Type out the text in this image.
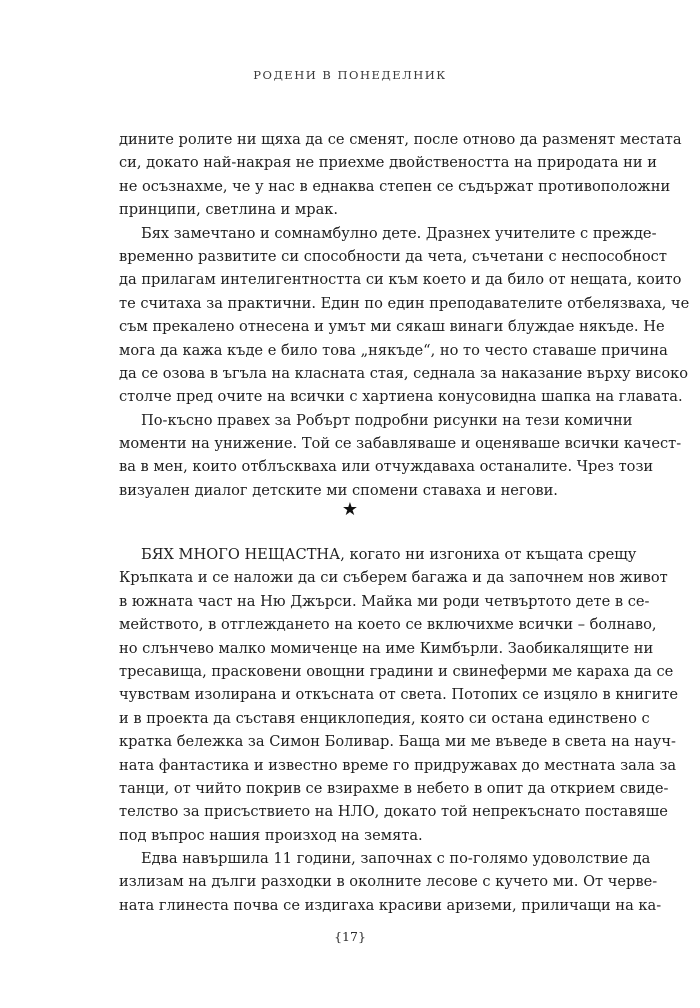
РОДЕНИ В ПОНЕДЕЛНИК
дините ролите ни щяха да се сменят, после отново да разменят местата
си, докато най-накрая не приехме двойствеността на природата ни и
не осъзнахме, че у нас в еднаква степен се съдържат противоположни
принципи, светлина и мрак.
Бях замечтано и сомнамбулно дете. Дразнех учителите с прежде-
временно развитите си способности да чета, съчетани с неспособност
да прилагам интелигентността си към което и да било от нещата, които
те считаха за практични. Един по един преподавателите отбелязваха, че
съм прекалено отнесена и умът ми сякаш винаги блуждае някъде. Не
мога да кажа къде е било това „някъде“, но то често ставаше причина
да се озова в ъгъла на класната стая, седнала за наказание върху високо
столче пред очите на всички с хартиена конусовидна шапка на главата.
По-късно правех за Робърт подробни рисунки на тези комични
моменти на унижение. Той се забавляваше и оценяваше всички качест-
ва в мен, които отблъскваха или отчуждаваха останалите. Чрез този
визуален диалог детските ми спомени ставаха и негови.
★
БЯХ МНОГО НЕЩАСТНА, когато ни изгониха от къщата срещу
Кръпката и се наложи да си съберем багажа и да започнем нов живот
в южната част на Ню Джърси. Майка ми роди четвъртото дете в се-
мейството, в отглеждането на което се включихме всички – болнаво,
но слънчево малко момиченце на име Кимбърли. Заобикалящите ни
тресавища, прасковени овощни градини и свинеферми ме караха да се
чувствам изолирана и откъсната от света. Потопих се изцяло в книгите
и в проекта да съставя енциклопедия, която си остана единствено с
кратка бележка за Симон Боливар. Баща ми ме въведе в света на науч-
ната фантастика и известно време го придружавах до местната зала за
танци, от чийто покрив се взирахме в небето в опит да открием свиде-
телство за присъствието на НЛО, докато той непрекъснато поставяше
под въпрос нашия произход на земята.
Едва навършила 11 години, започнах с по-голямо удоволствие да
излизам на дълги разходки в околните лесове с кучето ми. От черве-
ната глинеста почва се издигаха красиви ариземи, приличащи на ка-
{17}
